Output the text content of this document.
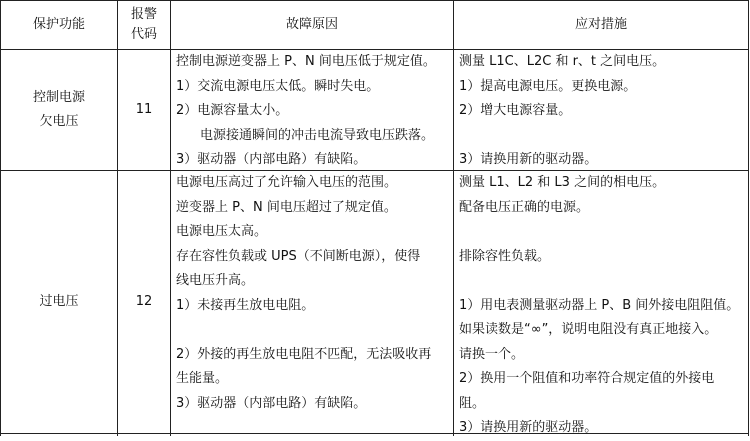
保护功能
报警
代码
故障原因	应对措施
控制电源
欠电压
11
控制电源逆变器上 P、N 间电压低于规定值。
1）交流电源电压太低。瞬时失电。
2）电源容量太小。
电源接通瞬间的冲击电流导致电压跌落。
3）驱动器（内部电路）有缺陷。
测量 L1C、L2C 和 r、t 之间电压。
1）提高电源电压。更换电源。
2）增大电源容量。
3）请换用新的驱动器。
过电压	12
电源电压高过了允许输入电压的范围。
逆变器上 P、N 间电压超过了规定值。
电源电压太高。
存在容性负载或 UPS（不间断电源），使得
线电压升高。
1）未接再生放电电阻。
2）外接的再生放电电阻不匹配，无法吸收再
生能量。
3）驱动器（内部电路）有缺陷。
测量 L1、L2 和 L3 之间的相电压。
配备电压正确的电源。
排除容性负载。
1）用电表测量驱动器上 P、B 间外接电阻阻值。
如果读数是“∞”，说明电阻没有真正地接入。
请换一个。
2）换用一个阻值和功率符合规定值的外接电
阻。
3）请换用新的驱动器。
